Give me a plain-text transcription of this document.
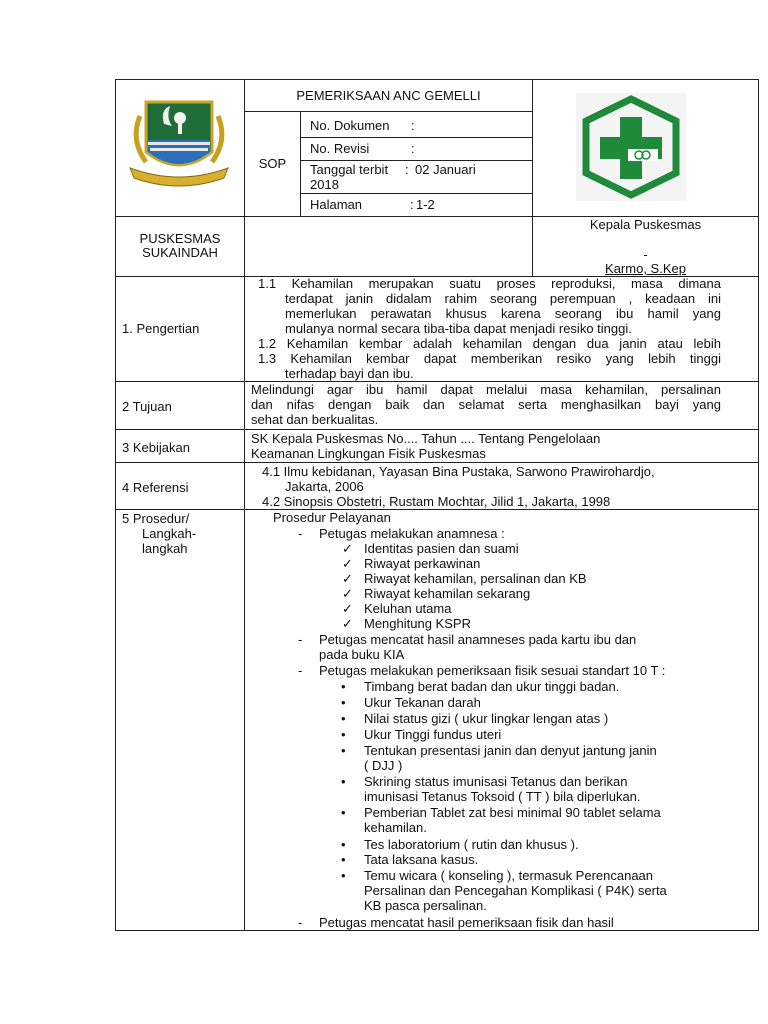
PEMERIKSAAN ANC GEMELLI
SOP
No. Dokumen :
No. Revisi	:
Tanggal terbit : 02 Januari
2018
Halaman	: 1-2
PUSKESMAS
SUKAINDAH
Kepala Puskesmas
-
Karmo, S.Kep
1. Pengertian
1.1 Kehamilan merupakan suatu proses reproduksi, masa dimana
terdapat janin didalam rahim seorang perempuan , keadaan ini
memerlukan perawatan khusus karena seorang ibu hamil yang
mulanya normal secara tiba-tiba dapat menjadi resiko tinggi.
1.2 Kehamilan kembar adalah kehamilan dengan dua janin atau lebih
1.3 Kehamilan kembar dapat memberikan resiko yang lebih tinggi
terhadap bayi dan ibu.
2 Tujuan
Melindungi agar ibu hamil dapat melalui masa kehamilan, persalinan
dan nifas dengan baik dan selamat serta menghasilkan bayi yang
sehat dan berkualitas.
3 Kebijakan
SK Kepala Puskesmas No.... Tahun .... Tentang Pengelolaan
Keamanan Lingkungan Fisik Puskesmas
4 Referensi
4.1 Ilmu kebidanan, Yayasan Bina Pustaka, Sarwono Prawirohardjo,
Jakarta, 2006
4.2 Sinopsis Obstetri, Rustam Mochtar, Jilid 1, Jakarta, 1998
5 Prosedur/
Langkah-
langkah
Prosedur Pelayanan
- Petugas melakukan anamnesa :
✓ Identitas pasien dan suami
✓ Riwayat perkawinan
✓ Riwayat kehamilan, persalinan dan KB
✓ Riwayat kehamilan sekarang
✓ Keluhan utama
✓ Menghitung KSPR
- Petugas mencatat hasil anamneses pada kartu ibu dan
pada buku KIA
- Petugas melakukan pemeriksaan fisik sesuai standart 10 T :
• Timbang berat badan dan ukur tinggi badan.
• Ukur Tekanan darah
• Nilai status gizi ( ukur lingkar lengan atas )
• Ukur Tinggi fundus uteri
• Tentukan presentasi janin dan denyut jantung janin
( DJJ )
• Skrining status imunisasi Tetanus dan berikan
imunisasi Tetanus Toksoid ( TT ) bila diperlukan.
• Pemberian Tablet zat besi minimal 90 tablet selama
kehamilan.
• Tes laboratorium ( rutin dan khusus ).
• Tata laksana kasus.
• Temu wicara ( konseling ), termasuk Perencanaan
Persalinan dan Pencegahan Komplikasi ( P4K) serta
KB pasca persalinan.
- Petugas mencatat hasil pemeriksaan fisik dan hasil
